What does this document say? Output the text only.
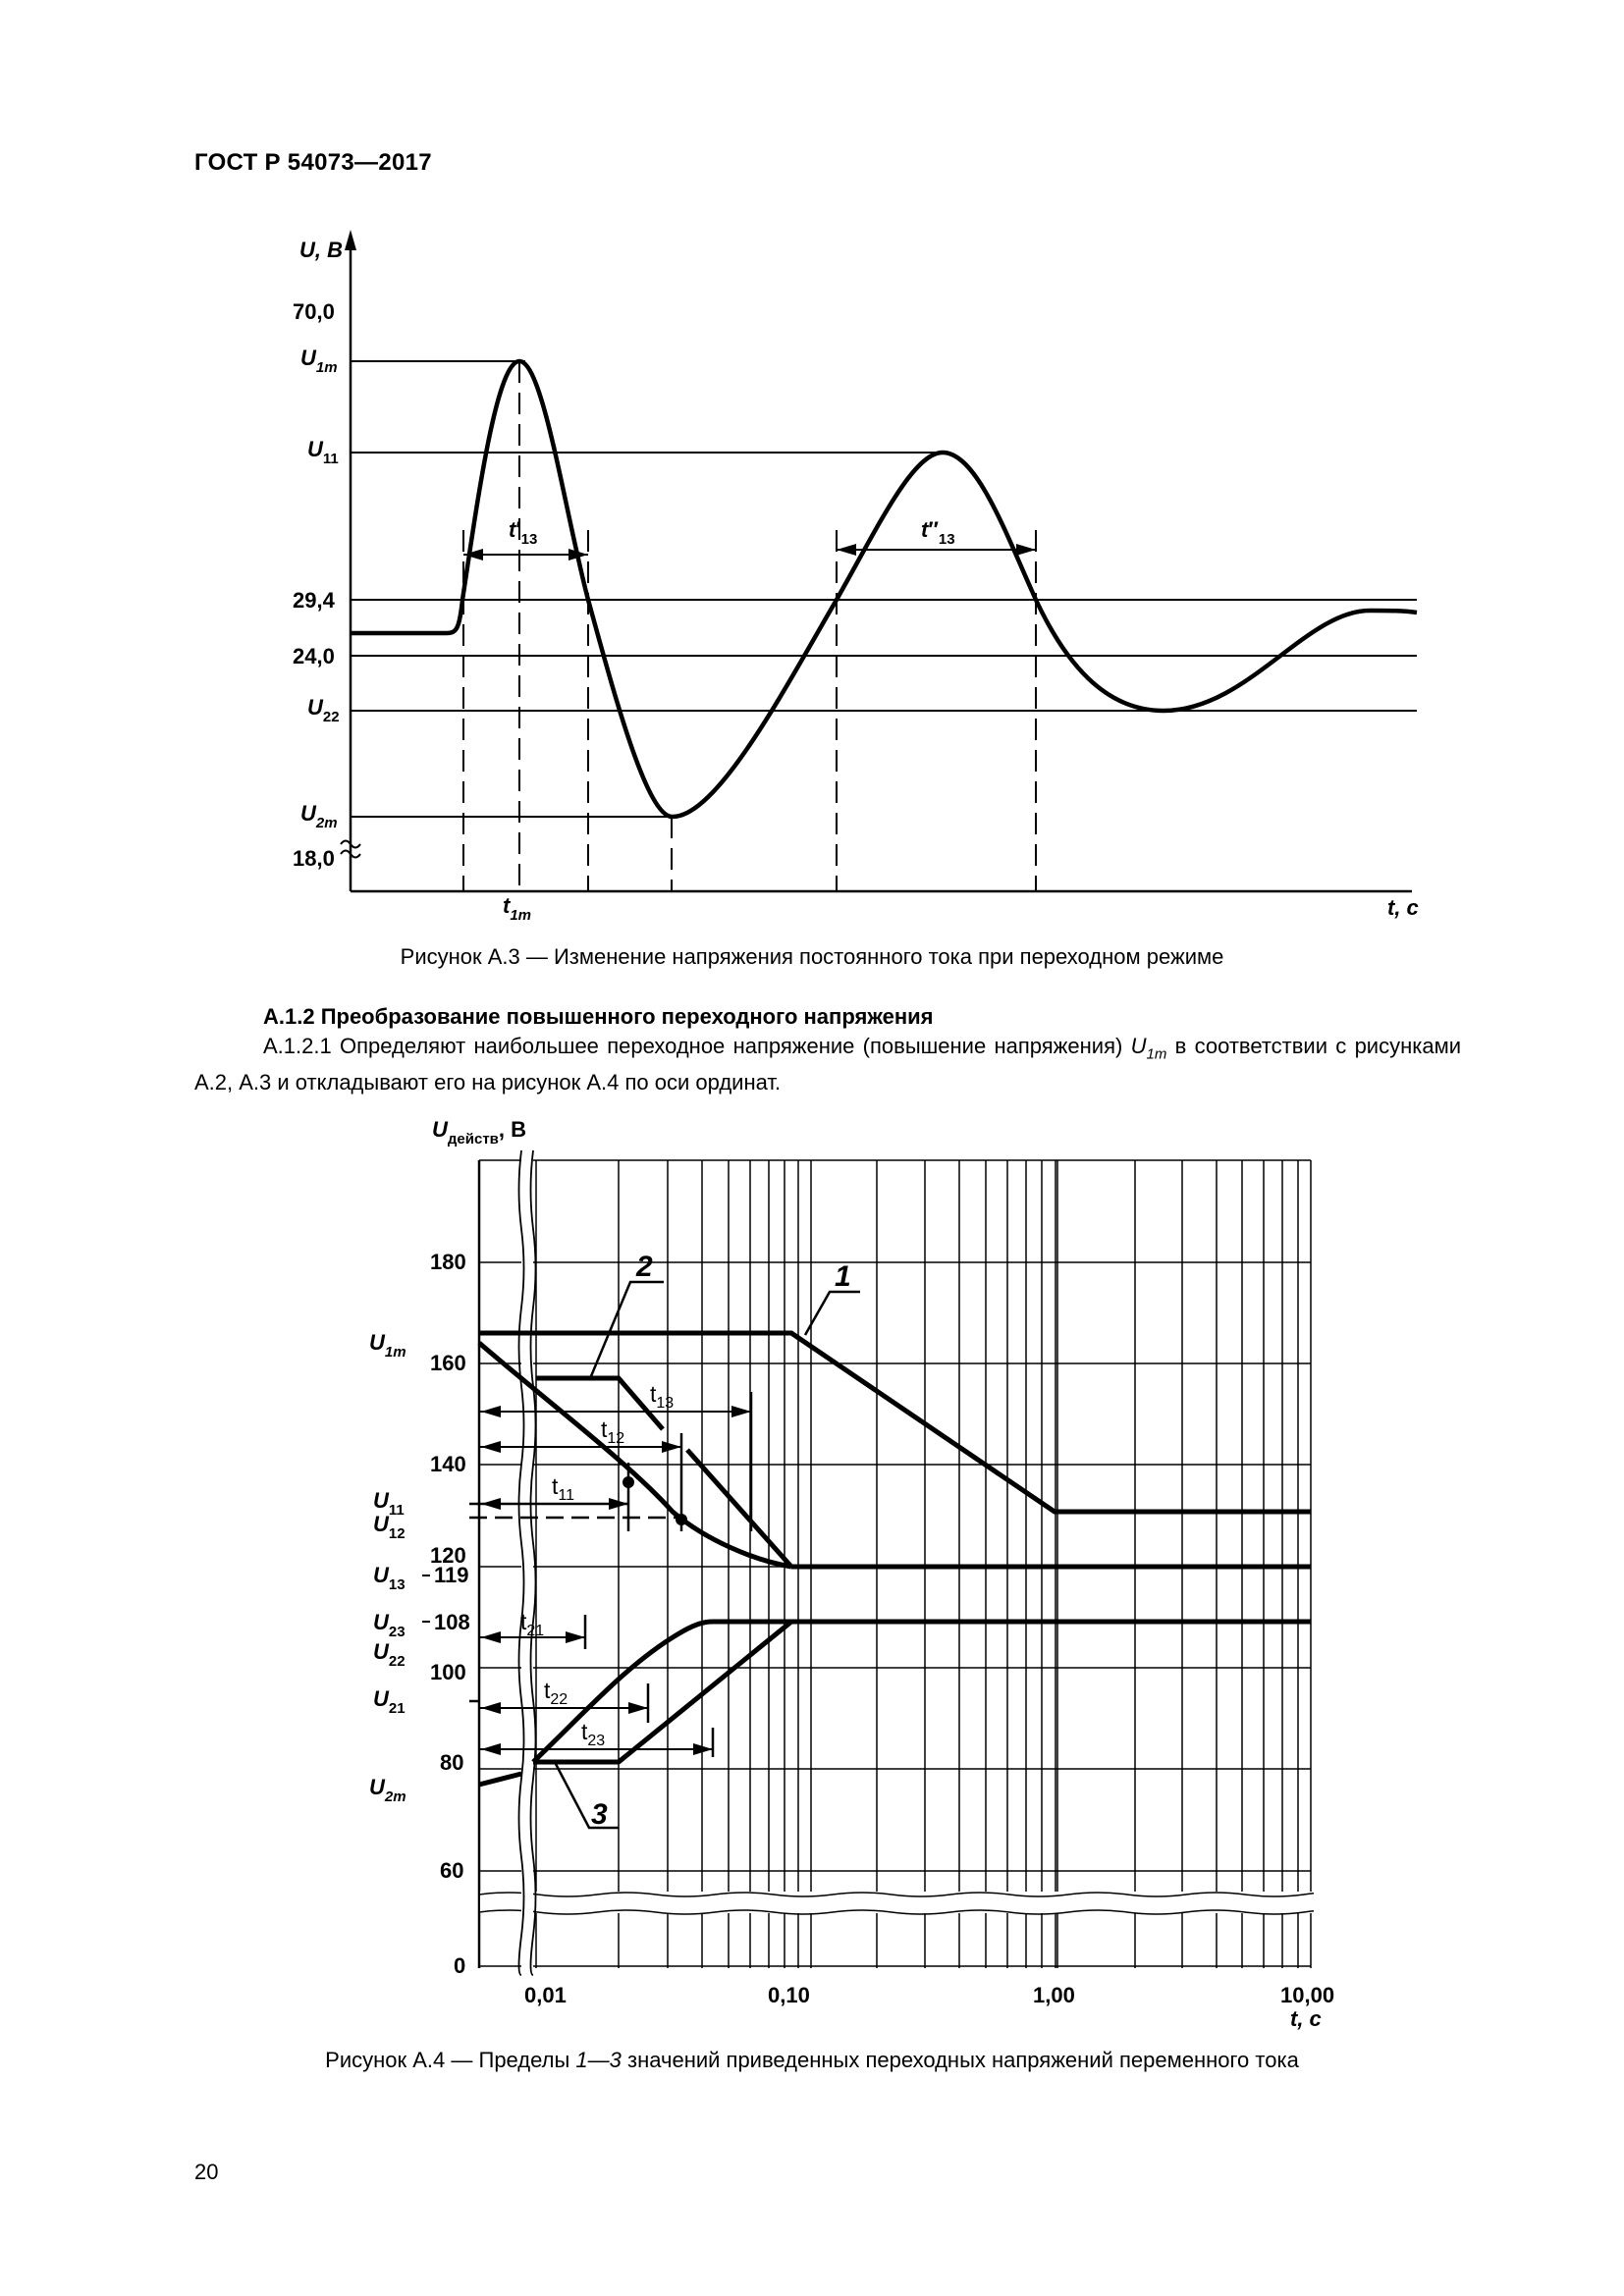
ГОСТ Р 54073—2017
U, В
70,0
29,4
24,0
18,0
U1m
U11
U22
U2m
t1m	t, с
t′13	t″13
Рисунок А.3 — Изменение напряжения постоянного тока при переходном режиме
А.1.2 Преобразование повышенного переходного напряжения
А.1.2.1 Определяют наибольшее переходное напряжение (повышение напряжения) $U_{1m}$ в соответствии с рисунками А.2, А.3 и откладывают его на рисунок А.4 по оси ординат.
2	1
3
Uдейств, В
180
160
140
120
119
108
100
80
60
0
U1m
U11
U12
U13
U23
U22
U21
U2m
0,01	0,10	1,00	10,00
t, с
t13
t12
t11
t21
t22
t23
Рисунок А.4 — Пределы 1—3 значений приведенных переходных напряжений переменного тока
20
